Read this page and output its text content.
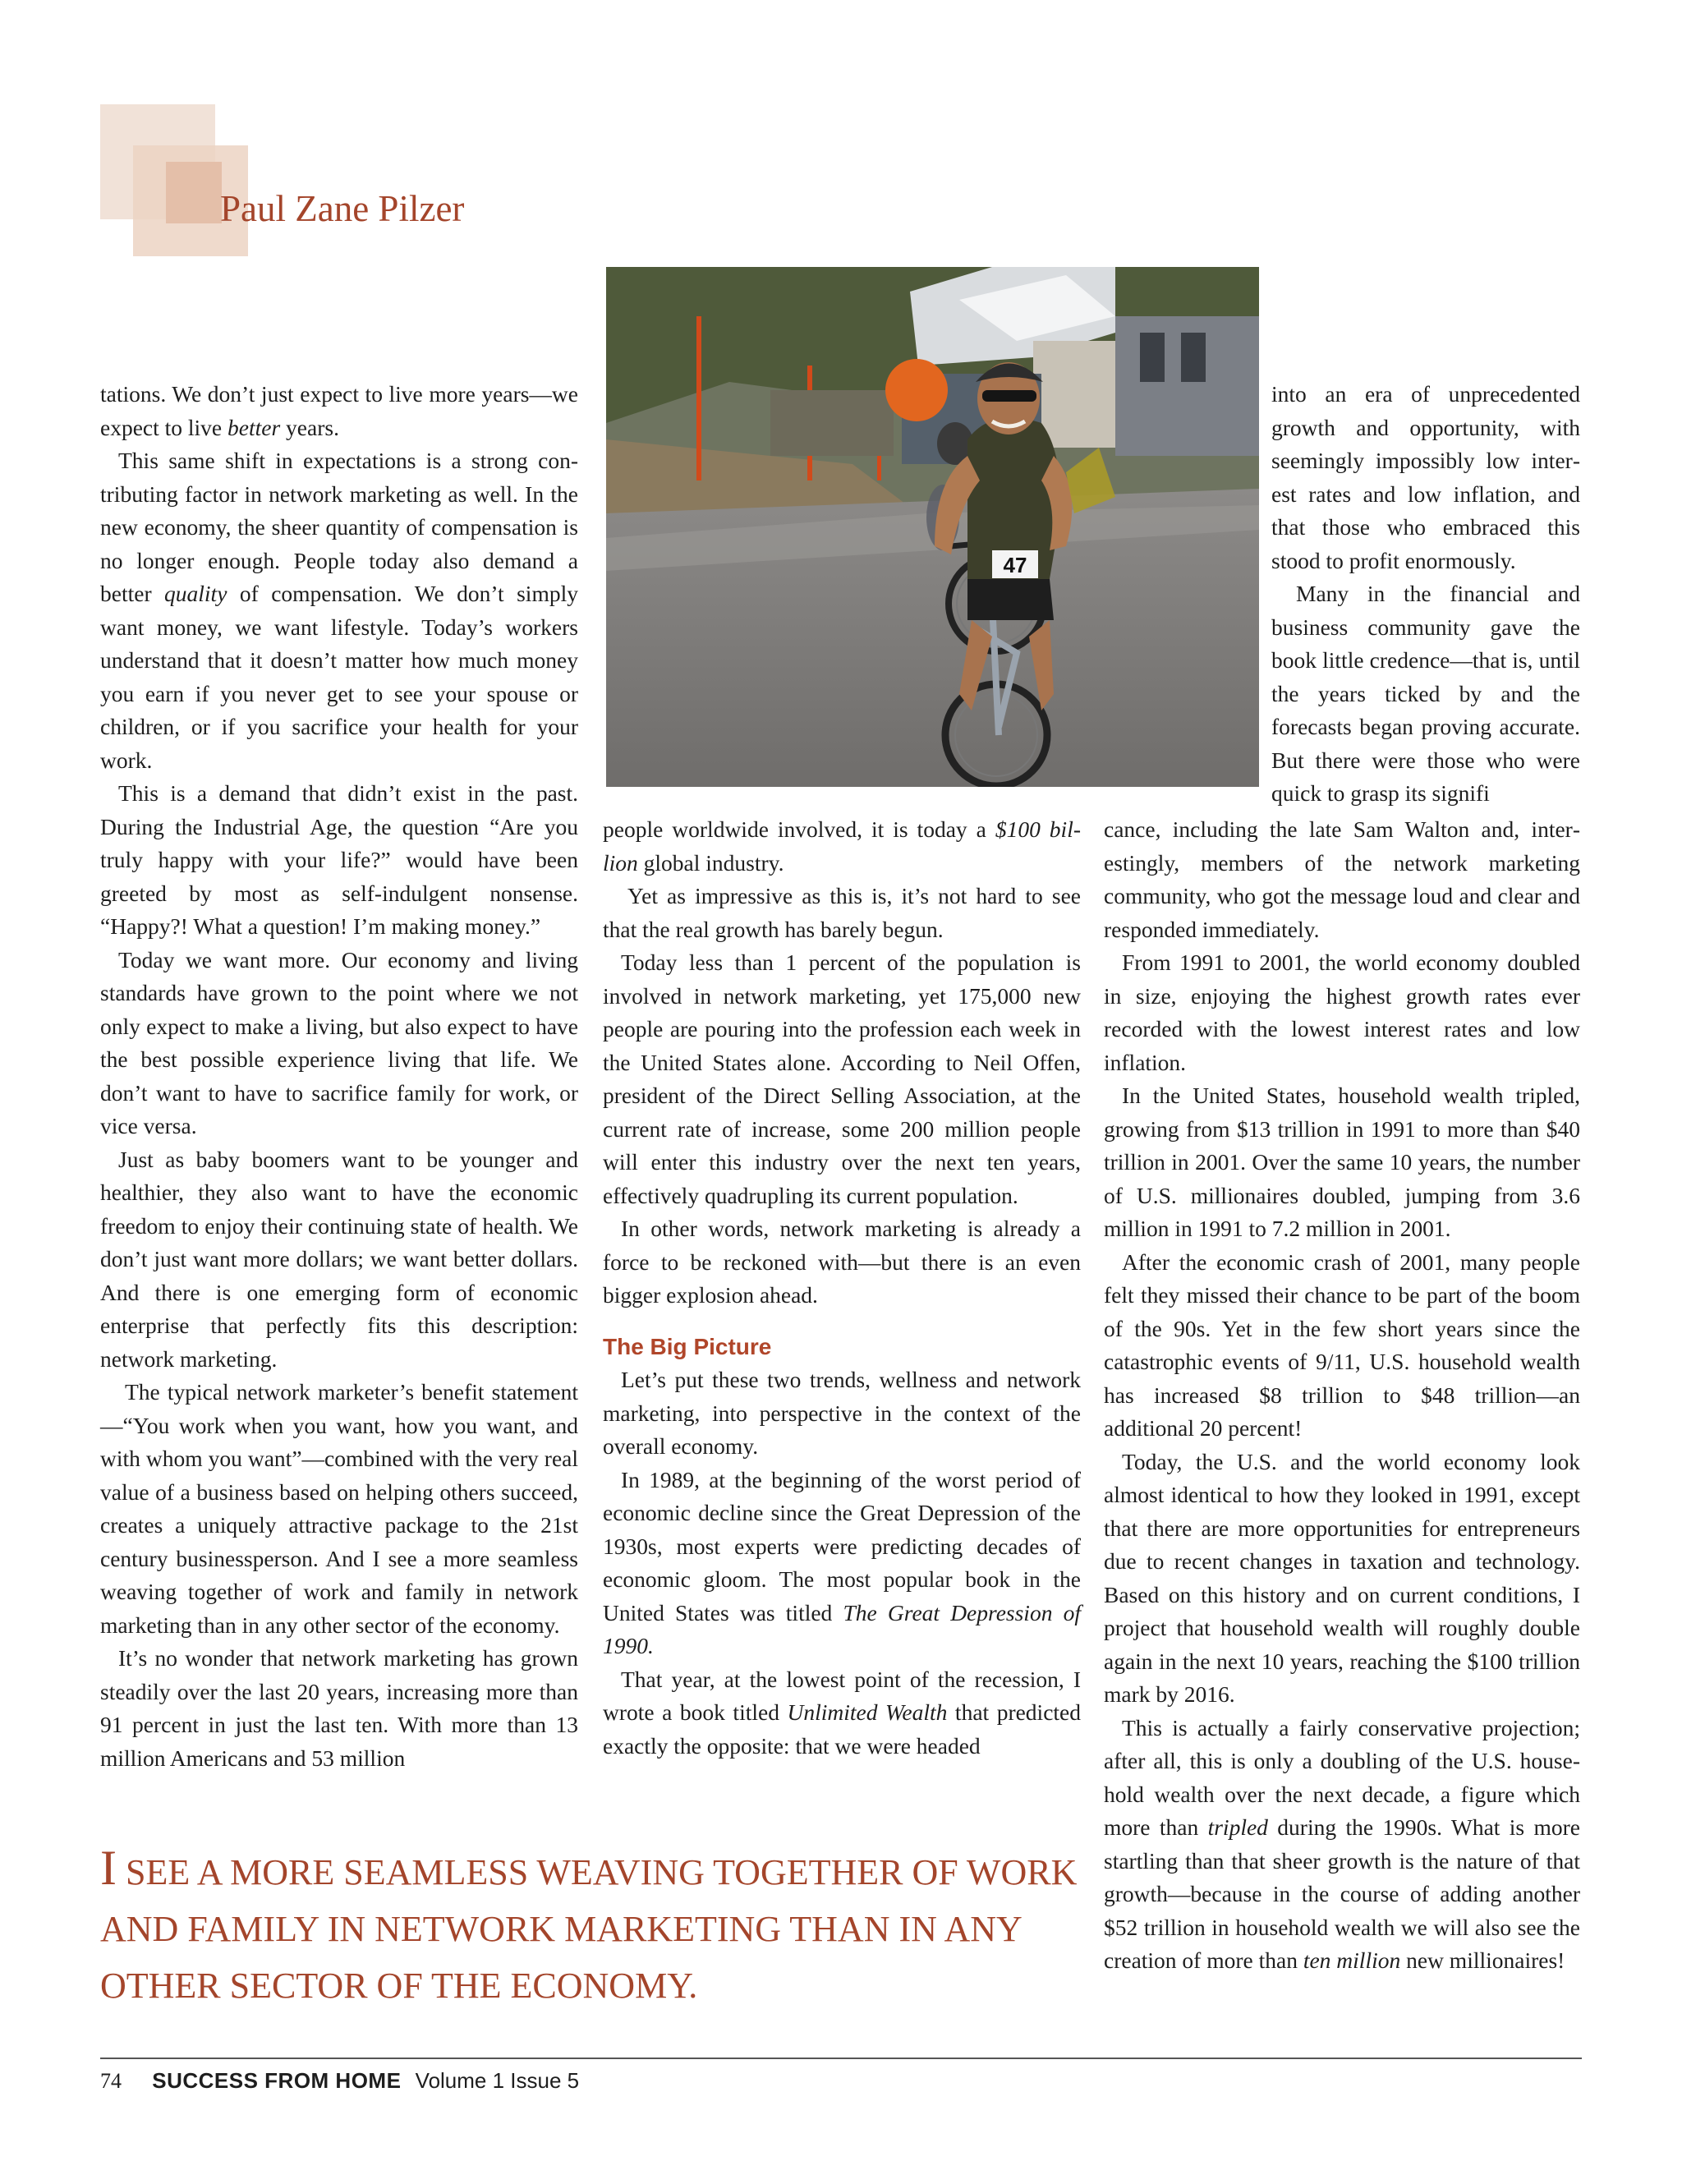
Paul Zane Pilzer

tations. We don’t just expect to live more years—we expect to live better years.

This same shift in expectations is a strong contributing factor in network marketing as well. In the new economy, the sheer quantity of compensation is no longer enough. People today also demand a better quality of compensation. We don’t simply want money, we want lifestyle. Today’s workers understand that it doesn’t matter how much money you earn if you never get to see your spouse or children, or if you sacrifice your health for your work.

This is a demand that didn’t exist in the past. During the Industrial Age, the question “Are you truly happy with your life?” would have been greeted by most as self-indulgent nonsense. “Happy?! What a question! I’m making money.”

Today we want more. Our economy and living standards have grown to the point where we not only expect to make a living, but also expect to have the best possible experience living that life. We don’t want to have to sacrifice family for work, or vice versa.

Just as baby boomers want to be younger and healthier, they also want to have the economic freedom to enjoy their continuing state of health. We don’t just want more dollars; we want better dollars. And there is one emerging form of economic enterprise that perfectly fits this description: network marketing.

The typical network marketer’s benefit statement—“You work when you want, how you want, and with whom you want”—combined with the very real value of a business based on helping others succeed, creates a uniquely attractive package to the 21st century businessperson. And I see a more seamless weaving together of work and family in network marketing than in any other sector of the economy.

It’s no wonder that network marketing has grown steadily over the last 20 years, increasing more than 91 percent in just the last ten. With more than 13 million Americans and 53 million

47

into an era of unprecedented growth and opportunity, with seemingly impossibly low interest rates and low inflation, and that those who embraced this stood to profit enormously.

Many in the financial and business community gave the book little credence—that is, until the years ticked by and the forecasts began proving accurate. But there were those who were quick to grasp its signifi

people worldwide involved, it is today a $100 billion global industry.

Yet as impressive as this is, it’s not hard to see that the real growth has barely begun.

Today less than 1 percent of the population is involved in network marketing, yet 175,000 new people are pouring into the profession each week in the United States alone. According to Neil Offen, president of the Direct Selling Association, at the current rate of increase, some 200 million people will enter this industry over the next ten years, effectively quadrupling its current population.

In other words, network marketing is already a force to be reckoned with—but there is an even bigger explosion ahead.

The Big Picture

Let’s put these two trends, wellness and network marketing, into perspective in the context of the overall economy.

In 1989, at the beginning of the worst period of economic decline since the Great Depression of the 1930s, most experts were predicting decades of economic gloom. The most popular book in the United States was titled The Great Depression of 1990.

That year, at the lowest point of the recession, I wrote a book titled Unlimited Wealth that predicted exactly the opposite: that we were headed

cance, including the late Sam Walton and, interestingly, members of the network marketing community, who got the message loud and clear and responded immediately.

From 1991 to 2001, the world economy doubled in size, enjoying the highest growth rates ever recorded with the lowest interest rates and low inflation.

In the United States, household wealth tripled, growing from $13 trillion in 1991 to more than $40 trillion in 2001. Over the same 10 years, the number of U.S. millionaires doubled, jumping from 3.6 million in 1991 to 7.2 million in 2001.

After the economic crash of 2001, many people felt they missed their chance to be part of the boom of the 90s. Yet in the few short years since the catastrophic events of 9/11, U.S. household wealth has increased $8 trillion to $48 trillion—an additional 20 percent!

Today, the U.S. and the world economy look almost identical to how they looked in 1991, except that there are more opportunities for entrepreneurs due to recent changes in taxation and technology. Based on this history and on current conditions, I project that household wealth will roughly double again in the next 10 years, reaching the $100 trillion mark by 2016.

This is actually a fairly conservative projection; after all, this is only a doubling of the U.S. household wealth over the next decade, a figure which more than tripled during the 1990s. What is more startling than that sheer growth is the nature of that growth—because in the course of adding another $52 trillion in household wealth we will also see the creation of more than ten million new millionaires!

I SEE A MORE SEAMLESS WEAVING TOGETHER OF WORK AND FAMILY IN NETWORK MARKETING THAN IN ANY OTHER SECTOR OF THE ECONOMY.
74 SUCCESS FROM HOME Volume 1 Issue 5
